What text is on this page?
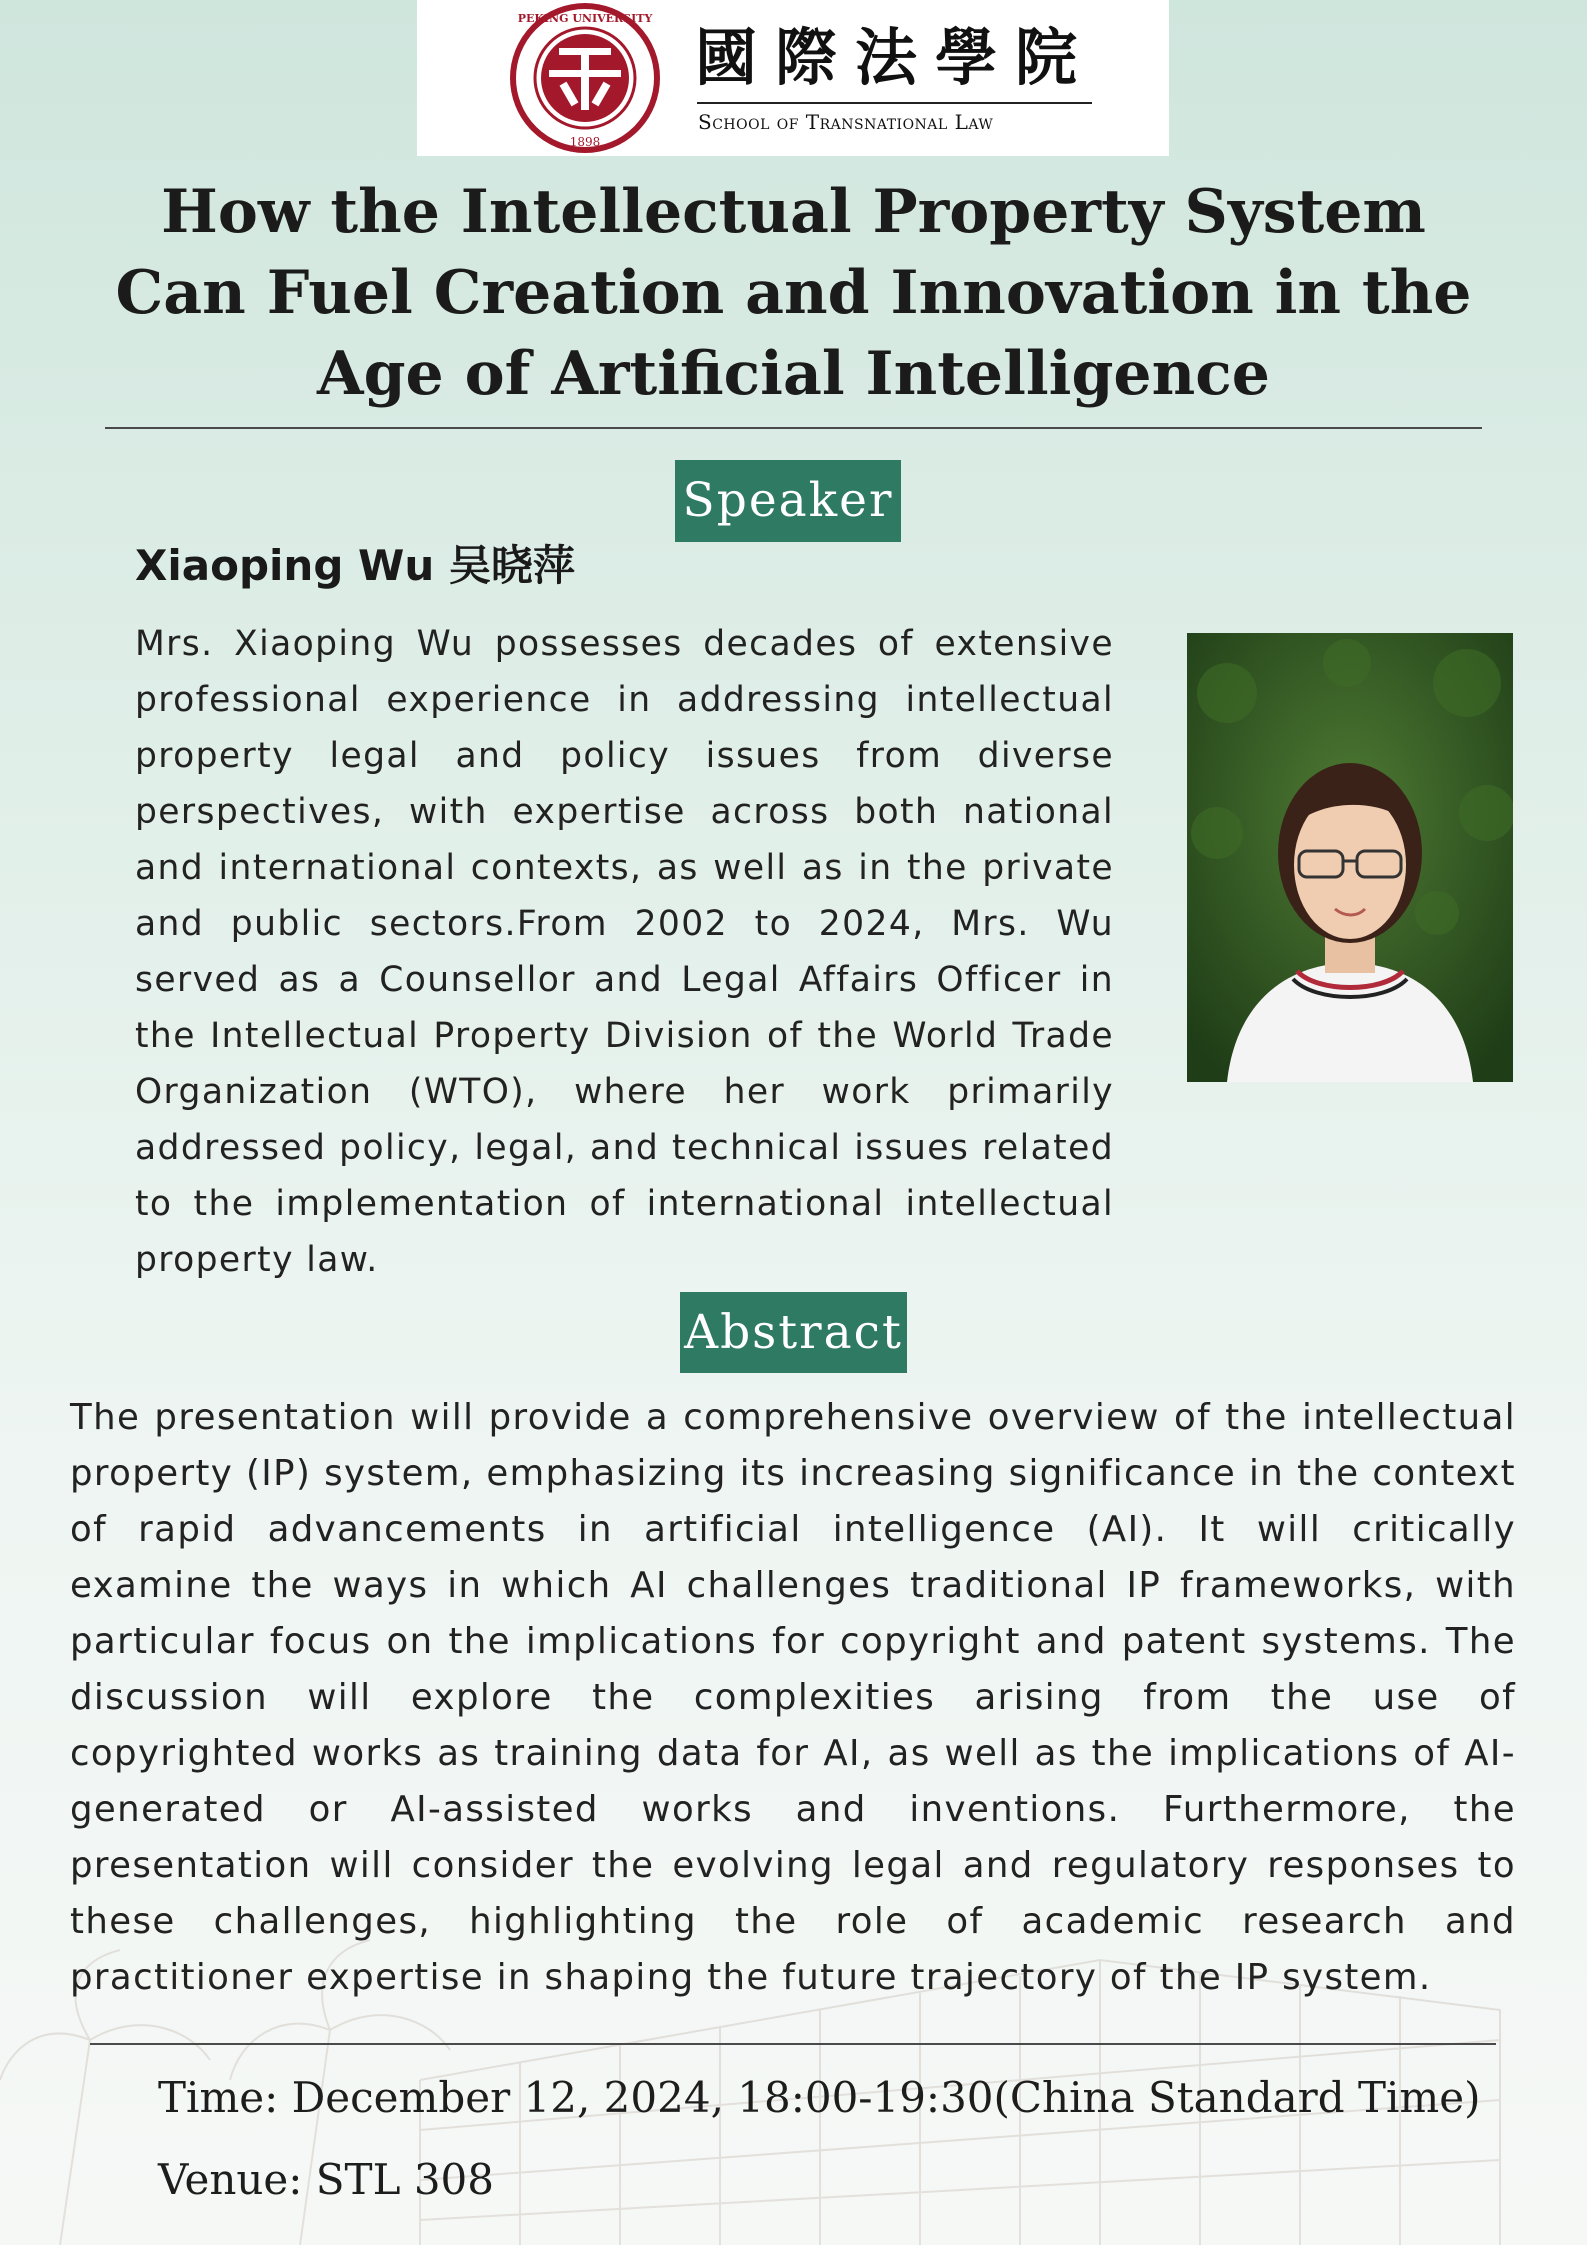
PEKING UNIVERSITY
1898
國際法學院
School of Transnational Law
How the Intellectual Property System Can Fuel Creation and Innovation in the Age of Artificial Intelligence
Speaker
Xiaoping Wu 吴晓萍

Mrs. Xiaoping Wu possesses decades of extensive professional experience in addressing intellectual property legal and policy issues from diverse perspectives, with expertise across both national and international contexts, as well as in the private and public sectors.From 2002 to 2024, Mrs. Wu served as a Counsellor and Legal Affairs Officer in the Intellectual Property Division of the World Trade Organization (WTO), where her work primarily addressed policy, legal, and technical issues related to the implementation of international intellectual property law.

Abstract

The presentation will provide a comprehensive overview of the intellectual property (IP) system, emphasizing its increasing significance in the context of rapid advancements in artificial intelligence (AI). It will critically examine the ways in which AI challenges traditional IP frameworks, with particular focus on the implications for copyright and patent systems. The discussion will explore the complexities arising from the use of copyrighted works as training data for AI, as well as the implications of AI-generated or AI-assisted works and inventions. Furthermore, the presentation will consider the evolving legal and regulatory responses to these challenges, highlighting the role of academic research and practitioner expertise in shaping the future trajectory of the IP system.

Time: December 12, 2024, 18:00-19:30(China Standard Time)
Venue: STL 308
